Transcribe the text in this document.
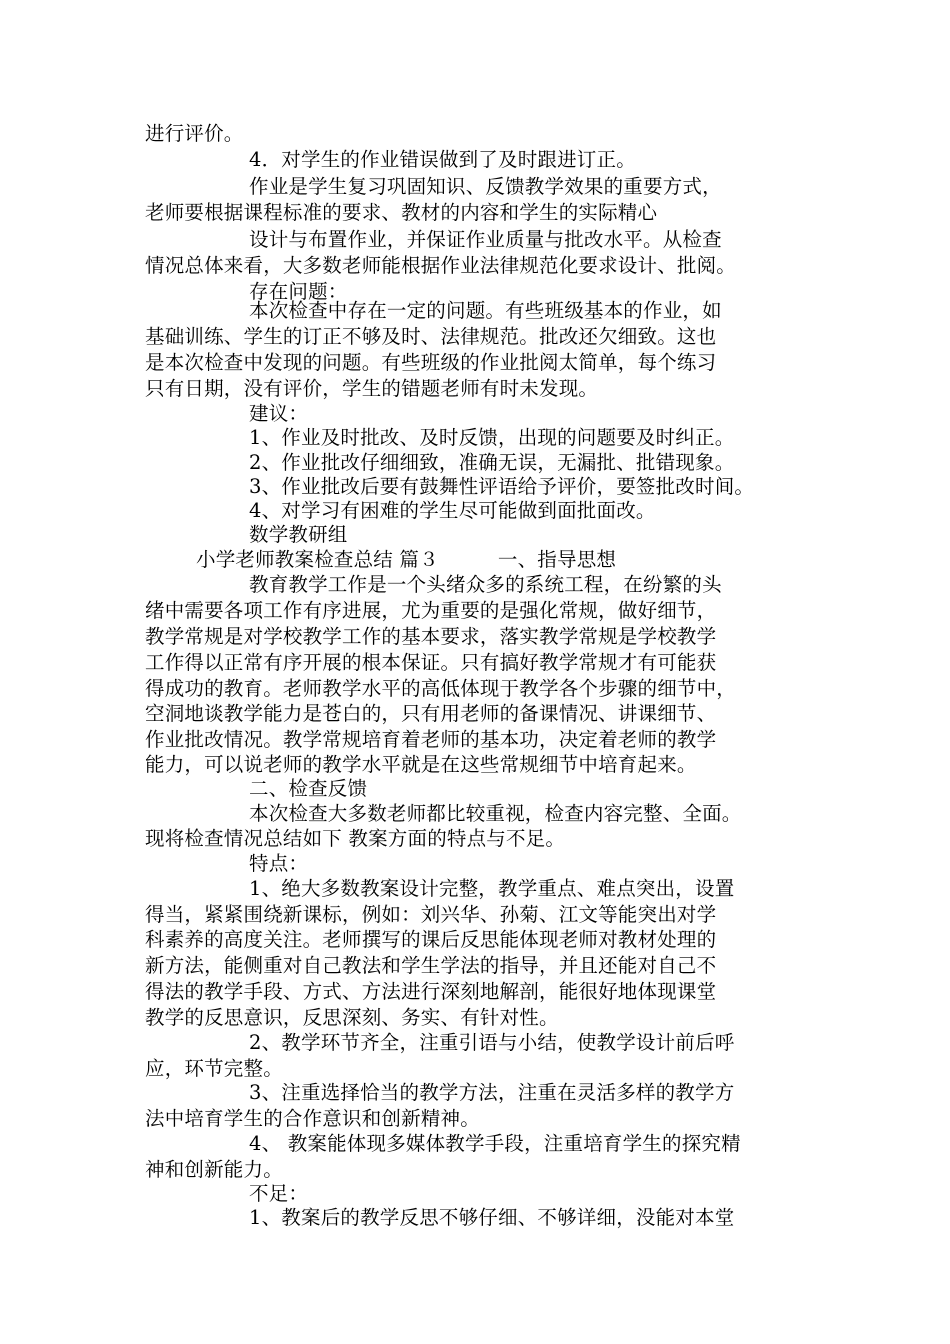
进行评价。
4．对学生的作业错误做到了及时跟进订正。
作业是学生复习巩固知识、反馈教学效果的重要方式，
老师要根据课程标准的要求、教材的内容和学生的实际精心
设计与布置作业，并保证作业质量与批改水平。从检查
情况总体来看，大多数老师能根据作业法律规范化要求设计、批阅。
存在问题：
本次检查中存在一定的问题。有些班级基本的作业，如
基础训练、学生的订正不够及时、法律规范。批改还欠细致。这也
是本次检查中发现的问题。有些班级的作业批阅太简单，每个练习
只有日期，没有评价，学生的错题老师有时未发现。
建议：
1、作业及时批改、及时反馈，出现的问题要及时纠正。
2、作业批改仔细细致，准确无误，无漏批、批错现象。
3、作业批改后要有鼓舞性评语给予评价，要签批改时间。
4、对学习有困难的学生尽可能做到面批面改。
数学教研组
小学老师教案检查总结 篇３　　　一、指导思想
教育教学工作是一个头绪众多的系统工程，在纷繁的头
绪中需要各项工作有序进展，尤为重要的是强化常规，做好细节，
教学常规是对学校教学工作的基本要求，落实教学常规是学校教学
工作得以正常有序开展的根本保证。只有搞好教学常规才有可能获
得成功的教育。老师教学水平的高低体现于教学各个步骤的细节中，
空洞地谈教学能力是苍白的，只有用老师的备课情况、讲课细节、
作业批改情况。教学常规培育着老师的基本功，决定着老师的教学
能力，可以说老师的教学水平就是在这些常规细节中培育起来。
二、检查反馈
本次检查大多数老师都比较重视，检查内容完整、全面。
现将检查情况总结如下 教案方面的特点与不足。
特点：
1、绝大多数教案设计完整，教学重点、难点突出，设置
得当，紧紧围绕新课标，例如：刘兴华、孙菊、江文等能突出对学
科素养的高度关注。老师撰写的课后反思能体现老师对教材处理的
新方法，能侧重对自己教法和学生学法的指导，并且还能对自己不
得法的教学手段、方式、方法进行深刻地解剖，能很好地体现课堂
教学的反思意识，反思深刻、务实、有针对性。
2、教学环节齐全，注重引语与小结，使教学设计前后呼
应，环节完整。
3、注重选择恰当的教学方法，注重在灵活多样的教学方
法中培育学生的合作意识和创新精神。
4、 教案能体现多媒体教学手段，注重培育学生的探究精
神和创新能力。
不足：
1、教案后的教学反思不够仔细、不够详细，没能对本堂
